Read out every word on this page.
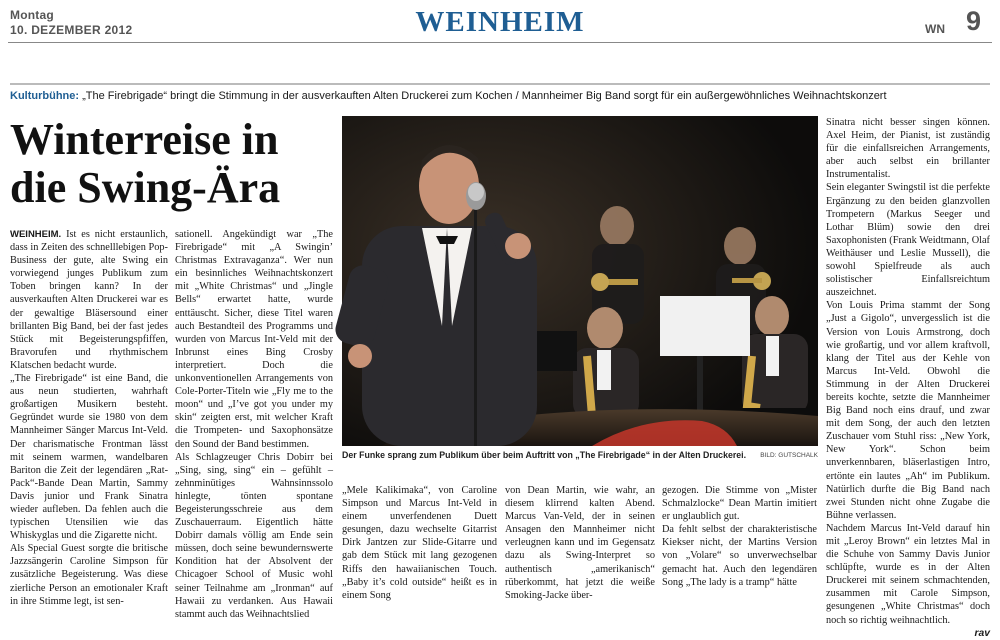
Montag
10. DEZEMBER 2012	WEINHEIM	WN 9
Kulturbühne: „The Firebrigade“ bringt die Stimmung in der ausverkauften Alten Druckerei zum Kochen / Mannheimer Big Band sorgt für ein außergewöhnliches Weihnachtskonzert
Winterreise in die Swing-Ära

WEINHEIM. Ist es nicht erstaunlich, dass in Zeiten des schnelllebigen Pop-Business der gute, alte Swing ein vorwiegend junges Publikum zum Toben bringen kann? In der ausverkauften Alten Druckerei war es der gewaltige Bläsersound einer brillanten Big Band, bei der fast jedes Stück mit Begeisterungspfiffen, Bravorufen und rhythmischem Klatschen bedacht wurde.

„The Firebrigade“ ist eine Band, die aus neun studierten, wahrhaft großartigen Musikern besteht. Gegründet wurde sie 1980 von dem Mannheimer Sänger Marcus Int-Veld. Der charismatische Frontman lässt mit seinem warmen, wandelbaren Bariton die Zeit der legendären „Rat-Pack“-Bande Dean Martin, Sammy Davis junior und Frank Sinatra wieder aufleben. Da fehlen auch die typischen Utensilien wie das Whiskyglas und die Zigarette nicht.

Als Special Guest sorgte die britische Jazzsängerin Caroline Simpson für zusätzliche Begeisterung. Was diese zierliche Person an emotionaler Kraft in ihre Stimme legt, ist sen-

sationell. Angekündigt war „The Firebrigade“ mit „A Swingin’ Christmas Extravaganza“. Wer nun ein besinnliches Weihnachtskonzert mit „White Christmas“ und „Jingle Bells“ erwartet hatte, wurde enttäuscht. Sicher, diese Titel waren auch Bestandteil des Programms und wurden von Marcus Int-Veld mit der Inbrunst eines Bing Crosby interpretiert. Doch die unkonventionellen Arrangements von Cole-Porter-Titeln wie „Fly me to the moon“ und „I’ve got you under my skin“ zeigten erst, mit welcher Kraft die Trompeten- und Saxophonsätze den Sound der Band bestimmen.

Als Schlagzeuger Chris Dobirr bei „Sing, sing, sing“ ein – gefühlt – zehnminütiges Wahnsinnssolo hinlegte, tönten spontane Begeisterungsschreie aus dem Zuschauerraum. Eigentlich hätte Dobirr damals völlig am Ende sein müssen, doch seine bewundernswerte Kondition hat der Absolvent der Chicagoer School of Music wohl seiner Teilnahme am „Ironman“ auf Hawaii zu verdanken. Aus Hawaii stammt auch das Weihnachtslied

Der Funke sprang zum Publikum über beim Auftritt von „The Firebrigade“ in der Alten Druckerei. BILD: GUTSCHALK

„Mele Kalikimaka“, von Caroline Simpson und Marcus Int-Veld in einem unverfendenen Duett gesungen, dazu wechselte Gitarrist Dirk Jantzen zur Slide-Gitarre und gab dem Stück mit lang gezogenen Riffs den hawaiianischen Touch. „Baby it’s cold outside“ heißt es in einem Song

von Dean Martin, wie wahr, an diesem klirrend kalten Abend. Marcus Van-Veld, der in seinen Ansagen den Mannheimer nicht verleugnen kann und im Gegensatz dazu als Swing-Interpret so authentisch „amerikanisch“ rüberkommt, hat jetzt die weiße Smoking-Jacke über-

gezogen. Die Stimme von „Mister Schmalzlocke“ Dean Martin imitiert er unglaublich gut.

Da fehlt selbst der charakteristische Kiekser nicht, der Martins Version von „Volare“ so unverwechselbar gemacht hat. Auch den legendären Song „The lady is a tramp“ hätte

Sinatra nicht besser singen können. Axel Heim, der Pianist, ist zuständig für die einfallsreichen Arrangements, aber auch selbst ein brillanter Instrumentalist.

Sein eleganter Swingstil ist die perfekte Ergänzung zu den beiden glanzvollen Trompetern (Markus Seeger und Lothar Blüm) sowie den drei Saxophonisten (Frank Weidtmann, Olaf Weithäuser und Leslie Mussell), die sowohl Spielfreude als auch solistischer Einfallsreichtum auszeichnet.

Von Louis Prima stammt der Song „Just a Gigolo“, unvergesslich ist die Version von Louis Armstrong, doch wie großartig, und vor allem kraftvoll, klang der Titel aus der Kehle von Marcus Int-Veld. Obwohl die Stimmung in der Alten Druckerei bereits kochte, setzte die Mannheimer Big Band noch eins drauf, und zwar mit dem Song, der auch den letzten Zuschauer vom Stuhl riss: „New York, New York“. Schon beim unverkennbaren, bläserlastigen Intro, ertönte ein lautes „Ah“ im Publikum. Natürlich durfte die Big Band nach zwei Stunden nicht ohne Zugabe die Bühne verlassen.

Nachdem Marcus Int-Veld darauf hin mit „Leroy Brown“ ein letztes Mal in die Schuhe von Sammy Davis Junior schlüpfte, wurde es in der Alten Druckerei mit seinem schmachtenden, zusammen mit Carole Simpson, gesungenen „White Christmas“ doch noch so richtig weihnachtlich.

rav
